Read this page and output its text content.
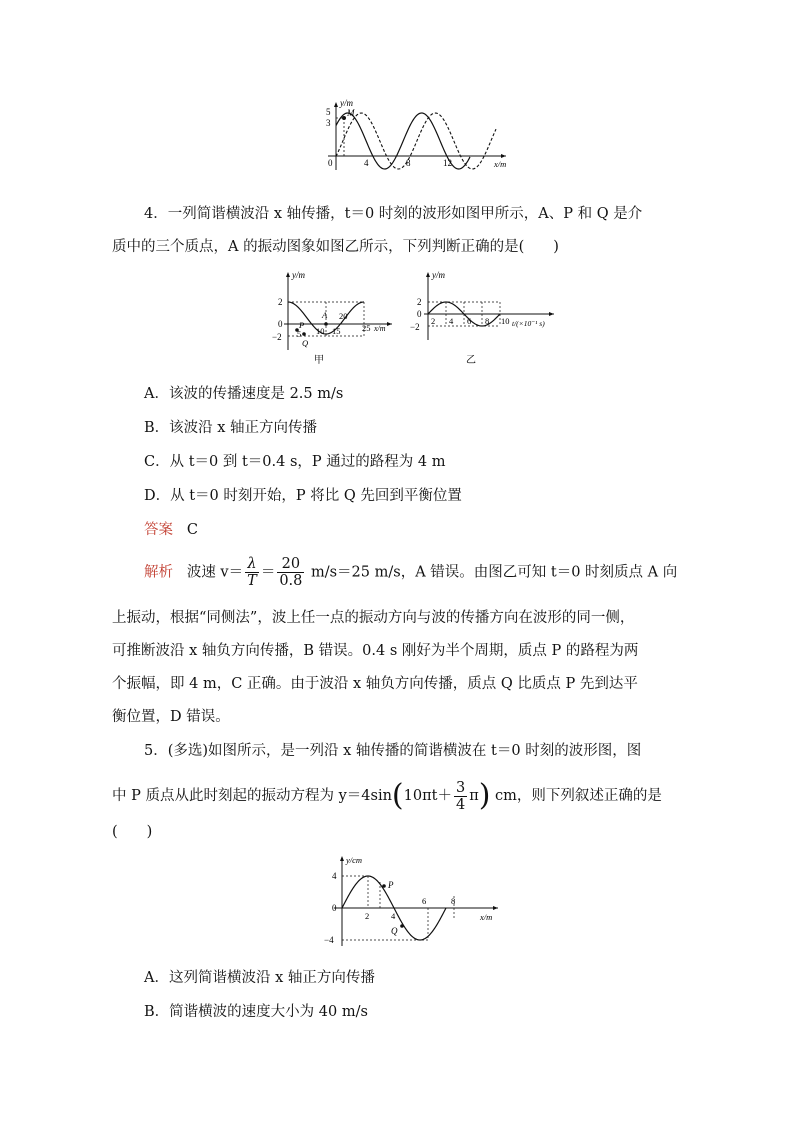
y/m
M
5
3
0	4	8	12	x/m
4．一列简谐横波沿 x 轴传播，t＝0 时刻的波形如图甲所示，A、P 和 Q 是介
质中的三个质点，A 的振动图象如图乙所示，下列判断正确的是(　　)
y/m
2
0
−2 5 10 15
20
25 x/m
A
P
Q
甲
y/m
2
0
−2
2 4 6 8 10 t/(×10⁻¹ s)
乙
A．该波的传播速度是 2.5 m/s
B．该波沿 x 轴正方向传播
C．从 t＝0 到 t＝0.4 s，P 通过的路程为 4 m
D．从 t＝0 时刻开始，P 将比 Q 先回到平衡位置
答案 C
解析 波速 $v= \frac{\lambda}{T} = \frac{20}{0.8} m/s=25$ m/s，A 错误。由图乙可知 t＝0 时刻质点 A 向
上振动，根据“同侧法”，波上任一点的振动方向与波的传播方向在波形的同一侧，
可推断波沿 x 轴负方向传播，B 错误。0.4 s 刚好为半个周期，质点 P 的路程为两
个振幅，即 4 m，C 正确。由于波沿 x 轴负方向传播，质点 Q 比质点 P 先到达平
衡位置，D 错误。
5．(多选)如图所示，是一列沿 x 轴传播的简谐横波在 t＝0 时刻的波形图，图
中 P 质点从此时刻起的振动方程为 $y=4\sin(10\pi t+ \frac{3}{4} \pi)$ cm，则下列叙述正确的是
(　　)
y/cm
4
0
−4
2	4
6	8
x/m
P
Q
A．这列简谐横波沿 x 轴正方向传播
B．简谐横波的速度大小为 40 m/s
